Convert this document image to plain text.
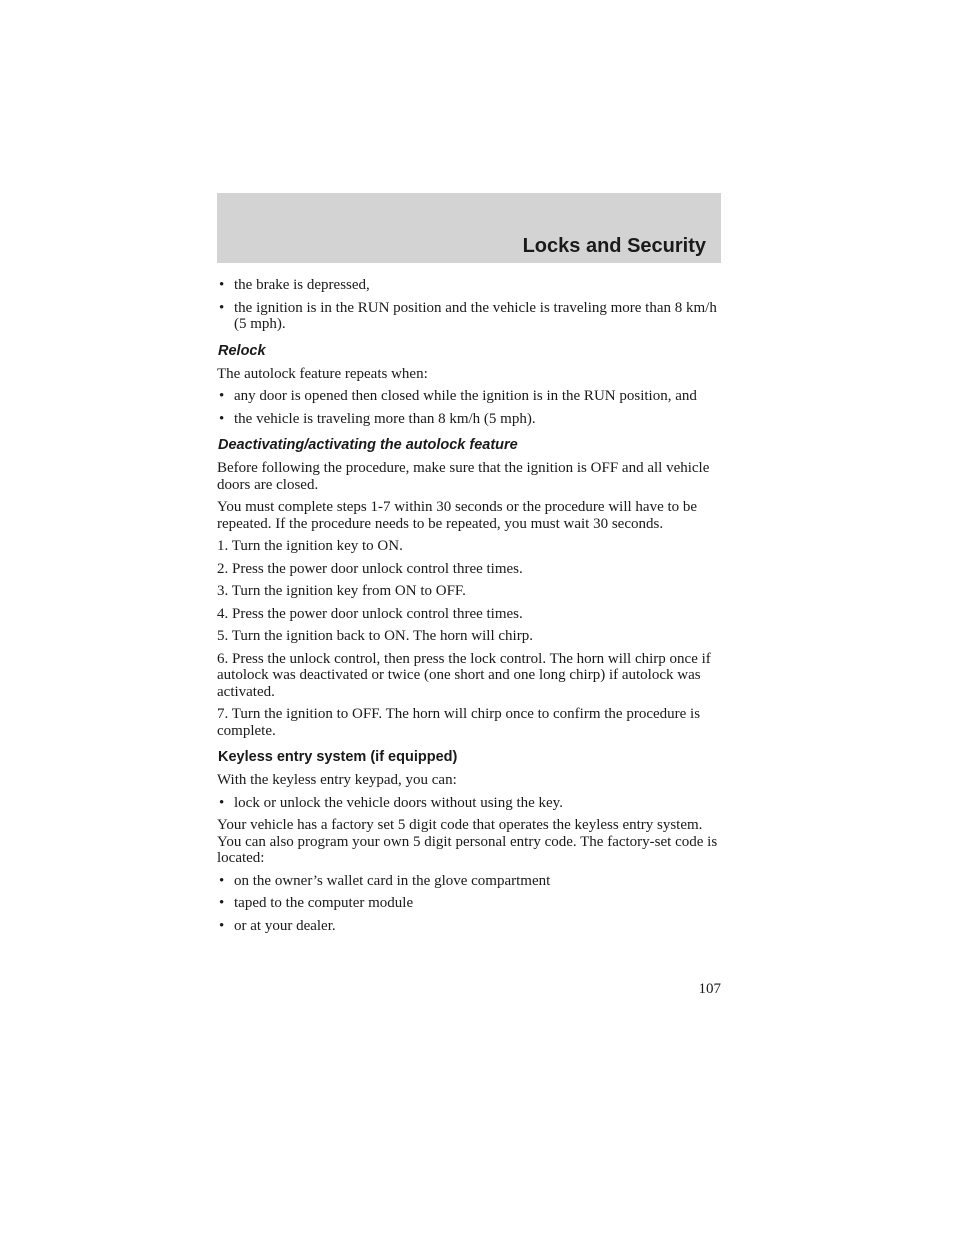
Locks and Security
• the brake is depressed,
• the ignition is in the RUN position and the vehicle is traveling more than 8 km/h (5 mph).
Relock

The autolock feature repeats when:

• any door is opened then closed while the ignition is in the RUN position, and
• the vehicle is traveling more than 8 km/h (5 mph).
Deactivating/activating the autolock feature

Before following the procedure, make sure that the ignition is OFF and all vehicle doors are closed.

You must complete steps 1-7 within 30 seconds or the procedure will have to be repeated. If the procedure needs to be repeated, you must wait 30 seconds.

1. Turn the ignition key to ON.

2. Press the power door unlock control three times.

3. Turn the ignition key from ON to OFF.

4. Press the power door unlock control three times.

5. Turn the ignition back to ON. The horn will chirp.

6. Press the unlock control, then press the lock control. The horn will chirp once if autolock was deactivated or twice (one short and one long chirp) if autolock was activated.

7. Turn the ignition to OFF. The horn will chirp once to confirm the procedure is complete.

Keyless entry system (if equipped)

With the keyless entry keypad, you can:

• lock or unlock the vehicle doors without using the key.

Your vehicle has a factory set 5 digit code that operates the keyless entry system. You can also program your own 5 digit personal entry code. The factory-set code is located:

• on the owner’s wallet card in the glove compartment
• taped to the computer module
• or at your dealer.
107
